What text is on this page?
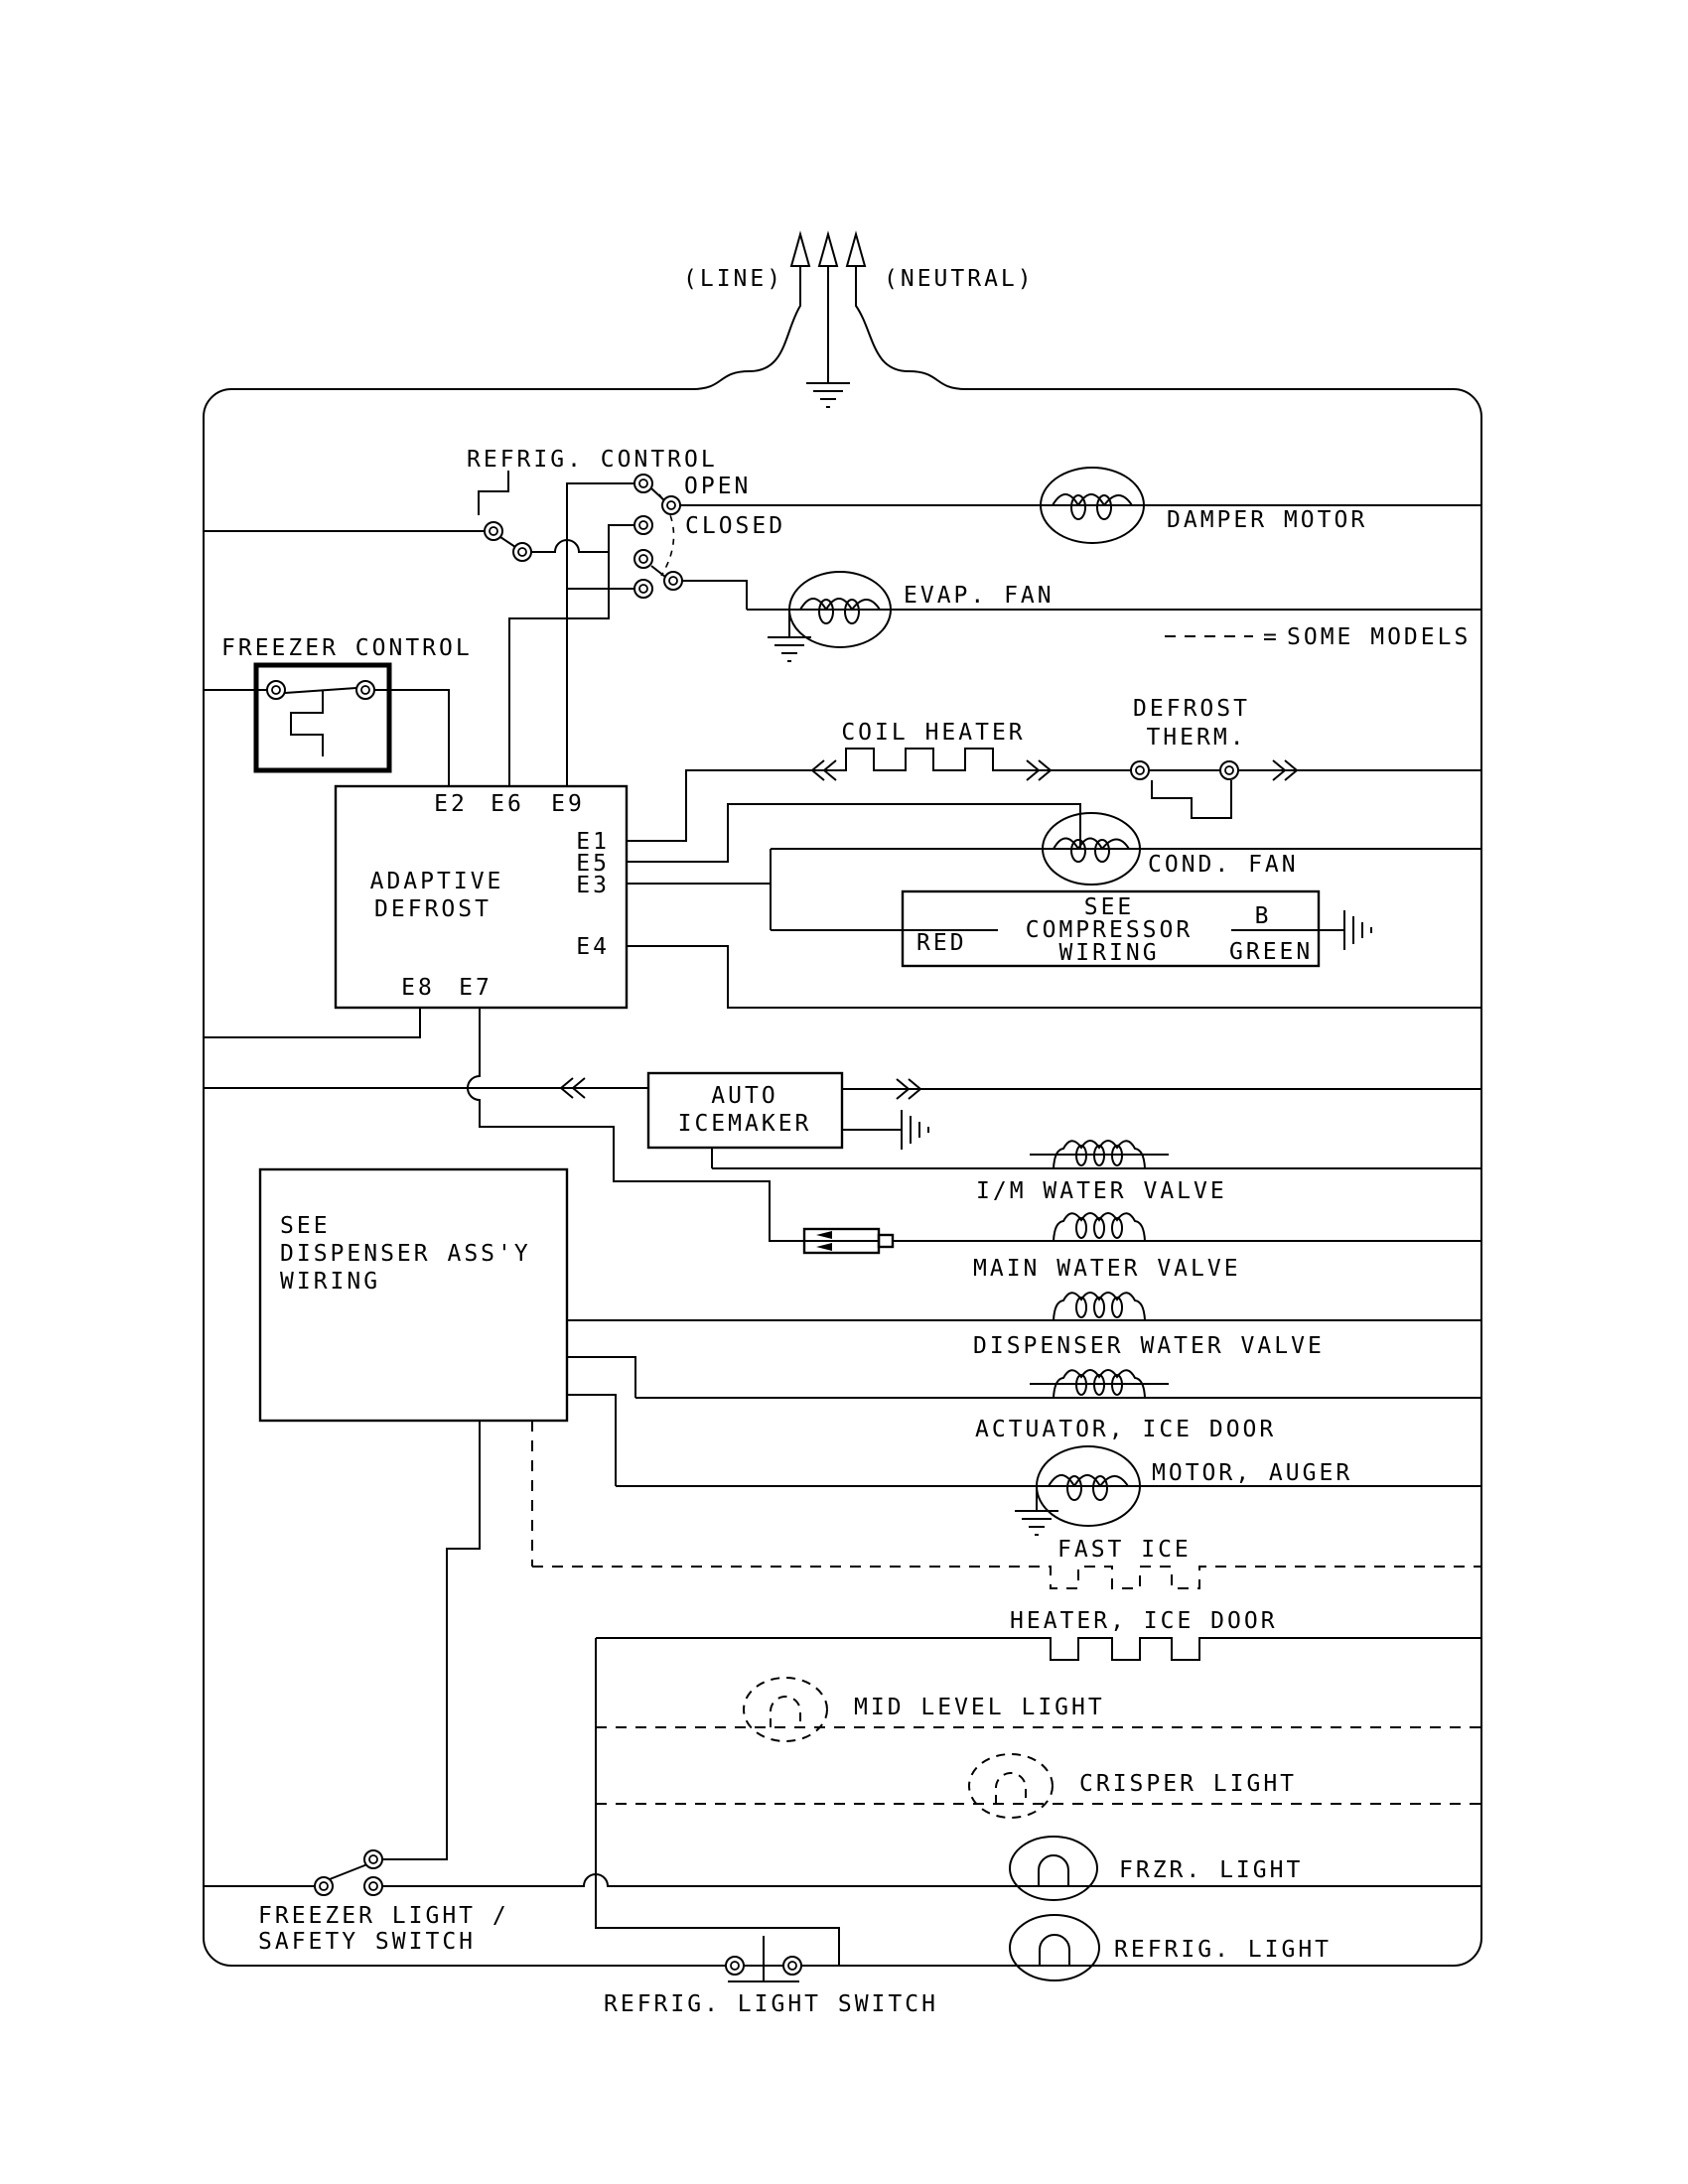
(LINE)	(NEUTRAL)
= SOME MODELS
REFRIG. CONTROL
OPEN
CLOSED	DAMPER MOTOR
EVAP. FAN
FREEZER CONTROL
ADAPTIVE
DEFROST
E2 E6 E9
E1
E5
E3
E4
E8 E7
COIL HEATER
DEFROST
THERM.
COND. FAN
RED
SEE
COMPRESSOR
WIRING
B
GREEN
AUTO
ICEMAKER
I/M WATER VALVE
MAIN WATER VALVE
SEE
DISPENSER ASS'Y
WIRING
DISPENSER WATER VALVE
ACTUATOR, ICE DOOR
MOTOR, AUGER
FAST ICE
HEATER, ICE DOOR
MID LEVEL LIGHT
CRISPER LIGHT
FREEZER LIGHT /
SAFETY SWITCH
FRZR. LIGHT
REFRIG. LIGHT SWITCH
REFRIG. LIGHT
